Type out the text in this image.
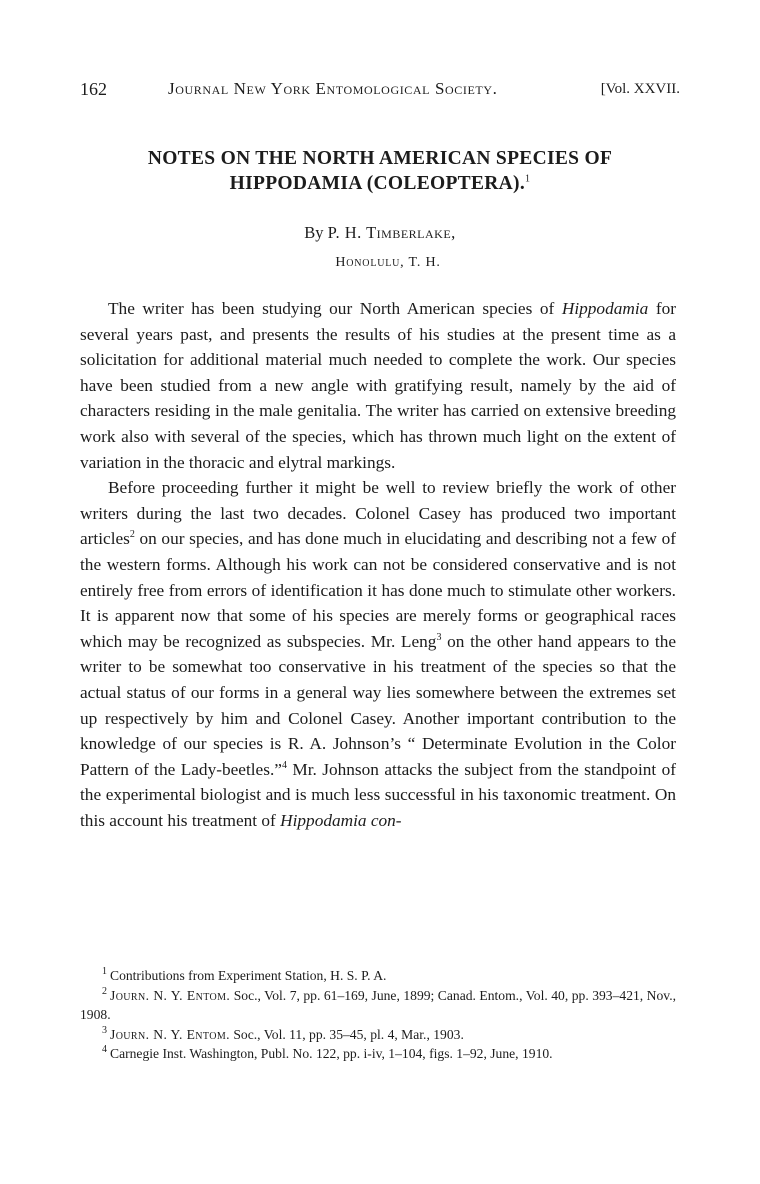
162	Journal New York Entomological Society.	[Vol. XXVII.
NOTES ON THE NORTH AMERICAN SPECIES OF
HIPPODAMIA (COLEOPTERA).$^1$
By P. H. Timberlake,
Honolulu, T. H.

The writer has been studying our North American species of Hippodamia for several years past, and presents the results of his studies at the present time as a solicitation for additional material much needed to complete the work. Our species have been studied from a new angle with gratifying result, namely by the aid of characters residing in the male genitalia. The writer has carried on extensive breeding work also with several of the species, which has thrown much light on the extent of variation in the thoracic and elytral markings.

Before proceeding further it might be well to review briefly the work of other writers during the last two decades. Colonel Casey has produced two important articles$^2$ on our species, and has done much in elucidating and describing not a few of the western forms. Although his work can not be considered conservative and is not entirely free from errors of identification it has done much to stimulate other workers. It is apparent now that some of his species are merely forms or geographical races which may be recognized as subspecies. Mr. Leng$^3$ on the other hand appears to the writer to be somewhat too conservative in his treatment of the species so that the actual status of our forms in a general way lies somewhere between the extremes set up respectively by him and Colonel Casey. Another important contribution to the knowledge of our species is R. A. Johnson’s “ Determinate Evolution in the Color Pattern of the Lady-beetles.”$^4$ Mr. Johnson attacks the subject from the standpoint of the experimental biologist and is much less successful in his taxonomic treatment. On this account his treatment of Hippodamia con-

$^1$ Contributions from Experiment Station, H. S. P. A.

$^2$ Journ. N. Y. Entom. Soc., Vol. 7, pp. 61–169, June, 1899; Canad. Entom., Vol. 40, pp. 393–421, Nov., 1908.

$^3$ Journ. N. Y. Entom. Soc., Vol. 11, pp. 35–45, pl. 4, Mar., 1903.

$^4$ Carnegie Inst. Washington, Publ. No. 122, pp. i-iv, 1–104, figs. 1–92, June, 1910.
